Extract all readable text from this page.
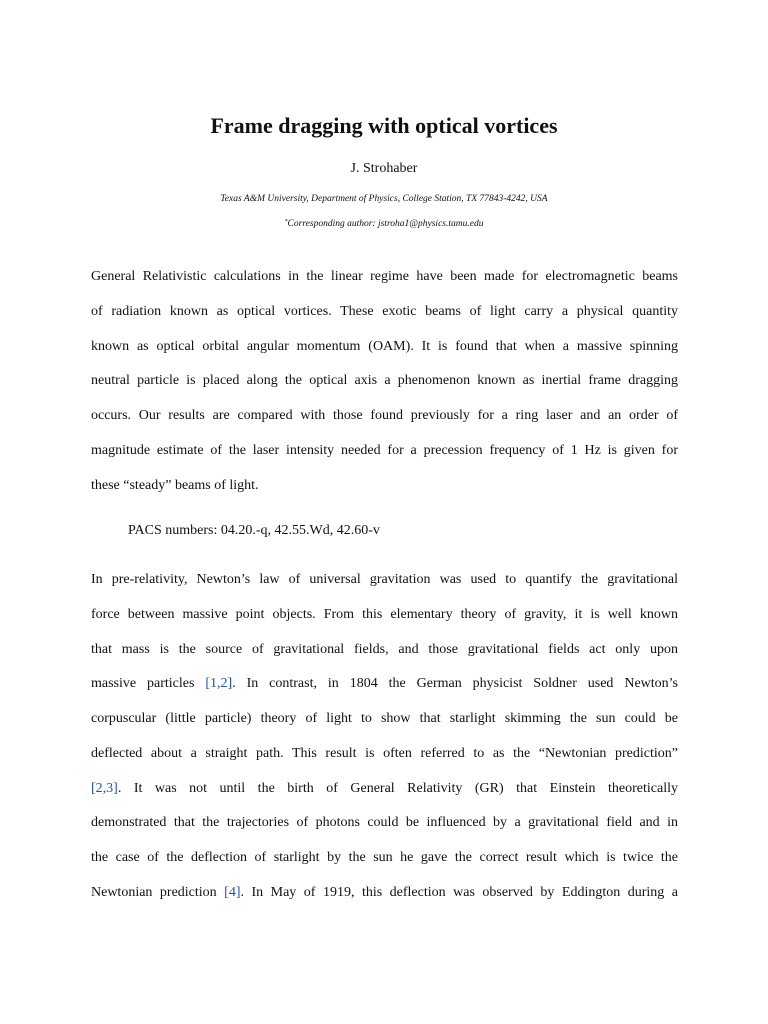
Frame dragging with optical vortices
J. Strohaber
Texas A&M University, Department of Physics, College Station, TX 77843-4242, USA
*Corresponding author: jstroha1@physics.tamu.edu
General Relativistic calculations in the linear regime have been made for electromagnetic beams
of radiation known as optical vortices. These exotic beams of light carry a physical quantity
known as optical orbital angular momentum (OAM). It is found that when a massive spinning
neutral particle is placed along the optical axis a phenomenon known as inertial frame dragging
occurs. Our results are compared with those found previously for a ring laser and an order of
magnitude estimate of the laser intensity needed for a precession frequency of 1 Hz is given for
these “steady” beams of light.
PACS numbers: 04.20.-q, 42.55.Wd, 42.60-v
In pre-relativity, Newton’s law of universal gravitation was used to quantify the gravitational
force between massive point objects. From this elementary theory of gravity, it is well known
that mass is the source of gravitational fields, and those gravitational fields act only upon
massive particles [1,2]. In contrast, in 1804 the German physicist Soldner used Newton’s
corpuscular (little particle) theory of light to show that starlight skimming the sun could be
deflected about a straight path. This result is often referred to as the “Newtonian prediction”
[2,3]. It was not until the birth of General Relativity (GR) that Einstein theoretically
demonstrated that the trajectories of photons could be influenced by a gravitational field and in
the case of the deflection of starlight by the sun he gave the correct result which is twice the
Newtonian prediction [4]. In May of 1919, this deflection was observed by Eddington during a
